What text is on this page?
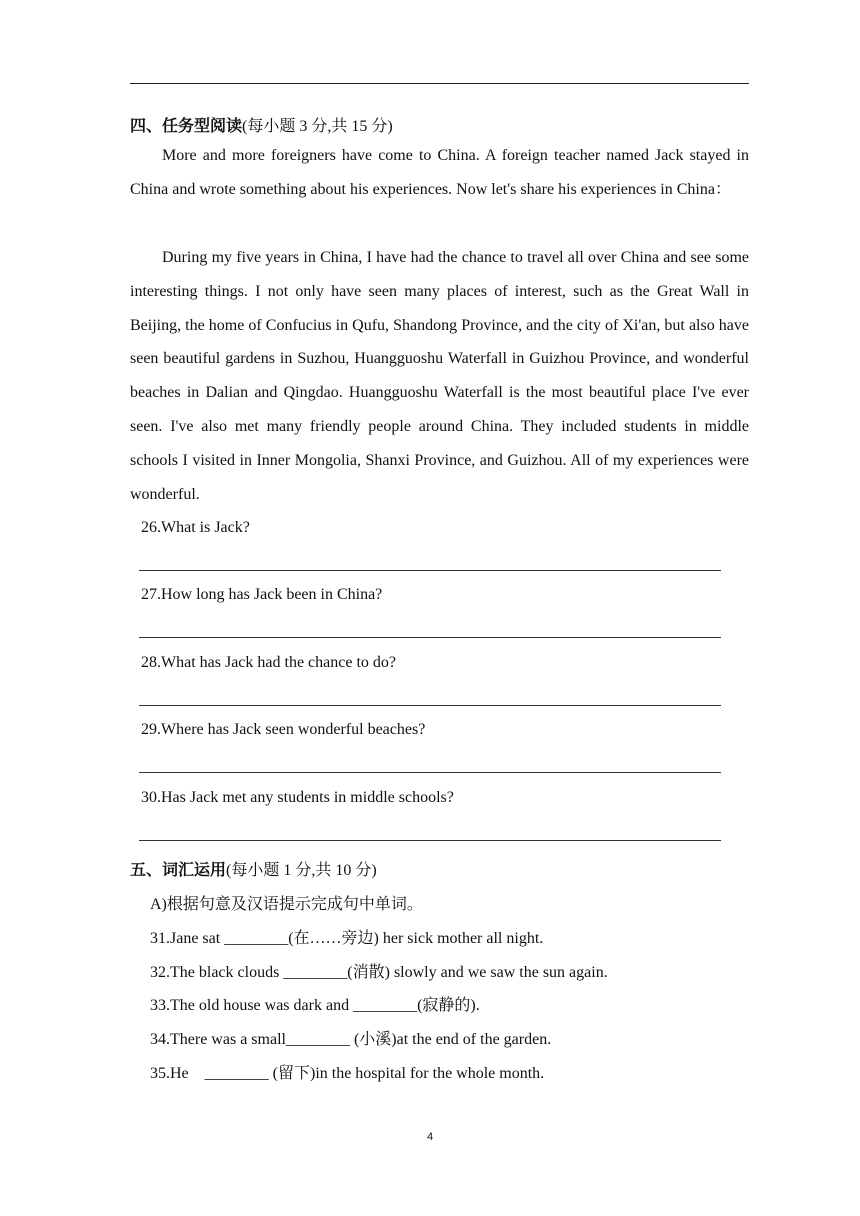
四、任务型阅读(每小题 3 分,共 15 分)

More and more foreigners have come to China. A foreign teacher named Jack stayed in China and wrote something about his experiences. Now let's share his experiences in China：

During my five years in China, I have had the chance to travel all over China and see some interesting things. I not only have seen many places of interest, such as the Great Wall in Beijing, the home of Confucius in Qufu, Shandong Province, and the city of Xi'an, but also have seen beautiful gardens in Suzhou, Huangguoshu Waterfall in Guizhou Province, and wonderful beaches in Dalian and Qingdao. Huangguoshu Waterfall is the most beautiful place I've ever seen. I've also met many friendly people around China. They included students in middle schools I visited in Inner Mongolia, Shanxi Province, and Guizhou. All of my experiences were wonderful.

26.What is Jack?
27.How long has Jack been in China?
28.What has Jack had the chance to do?
29.Where has Jack seen wonderful beaches?
30.Has Jack met any students in middle schools?
五、词汇运用(每小题 1 分,共 10 分)
A)根据句意及汉语提示完成句中单词。
31.Jane sat ________(在……旁边) her sick mother all night.
32.The black clouds ________(消散) slowly and we saw the sun again.
33.The old house was dark and ________(寂静的).
34.There was a small________ (小溪)at the end of the garden.
35.He    ________ (留下)in the hospital for the whole month.
4
